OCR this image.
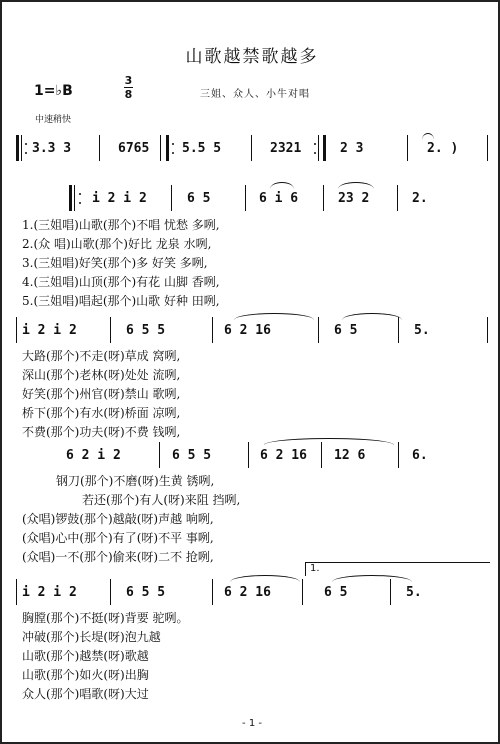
山歌越禁歌越多
1=♭B
3
8	三姐、众人、小牛对唱
中速稍快
3.3 3	6765	5.5 5	2321	2 3	2. )
i 2 i 2	6 5	6 i 6	23 2	2.
1.(三姐唱)山歌(那个)不唱 忧愁 多咧,
2.(众 唱)山歌(那个)好比 龙泉 水咧,
3.(三姐唱)好笑(那个)多 好笑 多咧,
4.(三姐唱)山顶(那个)有花 山脚 香咧,
5.(三姐唱)唱起(那个)山歌 好种 田咧,
i 2 i 2	6 5 5	6 2 16	6 5	5.
大路(那个)不走(呀)草成 窝咧,
深山(那个)老林(呀)处处 流咧,
好笑(那个)州官(呀)禁山 歌咧,
桥下(那个)有水(呀)桥面 凉咧,
不费(那个)功夫(呀)不费 钱咧,
6 2 i 2	6 5 5	6 2 16 12 6	6.
钢刀(那个)不磨(呀)生黄 锈咧,
若还(那个)有人(呀)来阻 挡咧,
(众唱)锣鼓(那个)越敲(呀)声越 响咧,
(众唱)心中(那个)有了(呀)不平 事咧,
(众唱)一不(那个)偷来(呀)二不 抢咧,
i 2 i 2	6 5 5	6 2 16
1.
6 5	5.
胸膛(那个)不挺(呀)背要 驼咧。
冲破(那个)长堤(呀)泡九越
山歌(那个)越禁(呀)歌越
山歌(那个)如火(呀)出胸
众人(那个)唱歌(呀)大过
- 1 -
